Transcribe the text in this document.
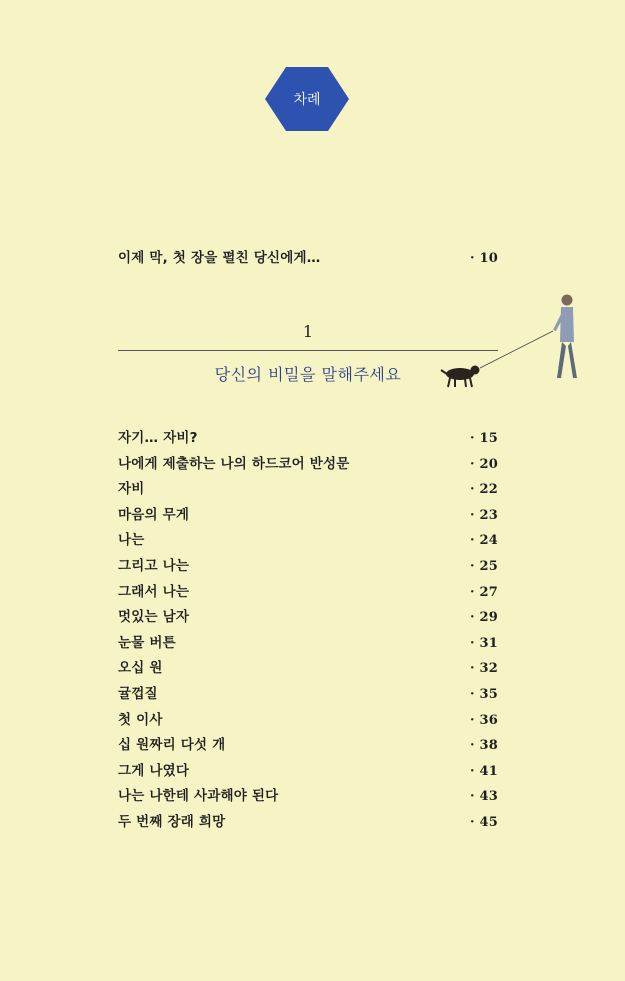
차례
이제 막, 첫 장을 펼친 당신에게…	· 10
1
당신의 비밀을 말해주세요
자기… 자비?	· 15
나에게 제출하는 나의 하드코어 반성문	· 20
자비	· 22
마음의 무게	· 23
나는	· 24
그리고 나는	· 25
그래서 나는	· 27
멋있는 남자	· 29
눈물 버튼	· 31
오십 원	· 32
귤껍질	· 35
첫 이사	· 36
십 원짜리 다섯 개	· 38
그게 나였다	· 41
나는 나한테 사과해야 된다	· 43
두 번째 장래 희망	· 45
